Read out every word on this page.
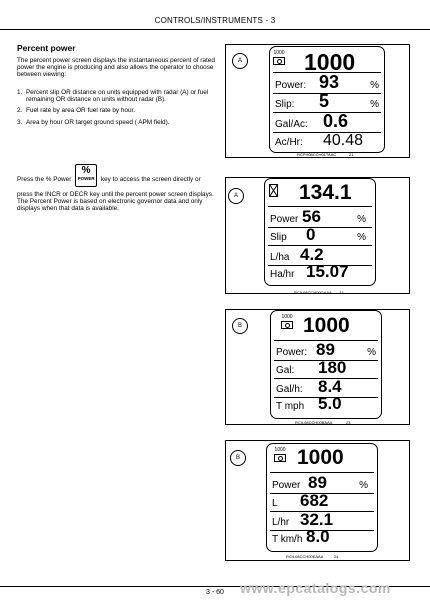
CONTROLS/INSTRUMENTS - 3
Percent power
The percent power screen displays the instantaneous percent of rated power the engine is producing and also allows the operator to choose between viewing:
1. Percent slip OR distance on units equipped with radar (A) or fuel remaining OR distance on units without radar (B).
2. Fuel rate by area OR fuel rate by hour.
3. Area by hour OR target ground speed ( APM field).
Press the % Power
%
POWER key to access the screen directly or press the INCR or DECR key until the percent power screen displays. The Percent Power is based on electronic governor data and only displays when that data is available.
A
1000 1000
Power: 93	%
Slip: 5	%
Gal/Ac: 0.6
Ac/Hr: 40.48
RCPH08CCH01TAAC	21
A	134.1
Power 56	%
Slip 0	%
L/ha 4.2
Ha/hr 15.07
RCIL08CCH00GAAA 22
B
1000 1000
Power: 89	%
Gal: 180
Gal/h: 8.4
T mph 5.0
RCIL08CCH00BAAA	23
B
1000 1000
Power 89	%
L 682
L/hr 32.1
T km/h 8.0
RCIL08CCH00EAAA	24
3 - 60	www.epcatalogs.com
